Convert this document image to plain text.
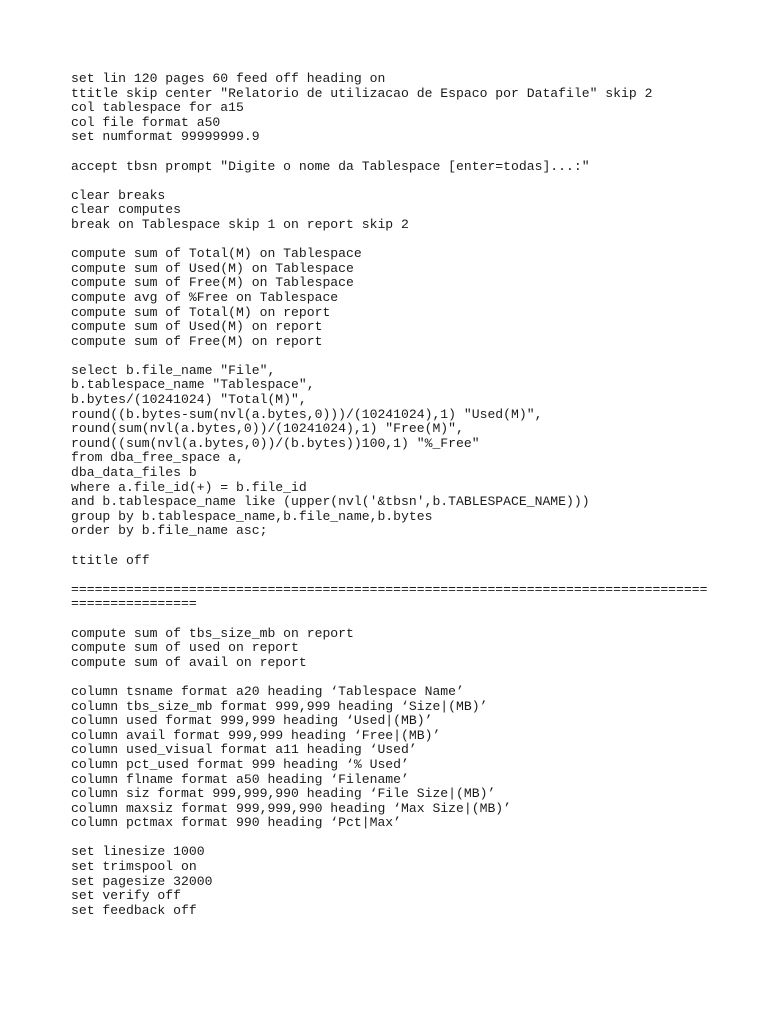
set lin 120 pages 60 feed off heading on
ttitle skip center "Relatorio de utilizacao de Espaco por Datafile" skip 2
col tablespace for a15
col file format a50
set numformat 99999999.9
accept tbsn prompt "Digite o nome da Tablespace [enter=todas]...:"
clear breaks
clear computes
break on Tablespace skip 1 on report skip 2
compute sum of Total(M) on Tablespace
compute sum of Used(M) on Tablespace
compute sum of Free(M) on Tablespace
compute avg of %Free on Tablespace
compute sum of Total(M) on report
compute sum of Used(M) on report
compute sum of Free(M) on report
select b.file_name "File",
b.tablespace_name "Tablespace",
b.bytes/(10241024) "Total(M)",
round((b.bytes-sum(nvl(a.bytes,0)))/(10241024),1) "Used(M)",
round(sum(nvl(a.bytes,0))/(10241024),1) "Free(M)",
round((sum(nvl(a.bytes,0))/(b.bytes))100,1) "%_Free"
from dba_free_space a,
dba_data_files b
where a.file_id(+) = b.file_id
and b.tablespace_name like (upper(nvl('&tbsn',b.TABLESPACE_NAME)))
group by b.tablespace_name,b.file_name,b.bytes
order by b.file_name asc;
ttitle off
=================================================================================
================
compute sum of tbs_size_mb on report
compute sum of used on report
compute sum of avail on report
column tsname format a20 heading ‘Tablespace Name’
column tbs_size_mb format 999,999 heading ‘Size|(MB)’
column used format 999,999 heading ‘Used|(MB)’
column avail format 999,999 heading ‘Free|(MB)’
column used_visual format a11 heading ‘Used’
column pct_used format 999 heading ‘% Used’
column flname format a50 heading ‘Filename’
column siz format 999,999,990 heading ‘File Size|(MB)’
column maxsiz format 999,999,990 heading ‘Max Size|(MB)’
column pctmax format 990 heading ‘Pct|Max’
set linesize 1000
set trimspool on
set pagesize 32000
set verify off
set feedback off
